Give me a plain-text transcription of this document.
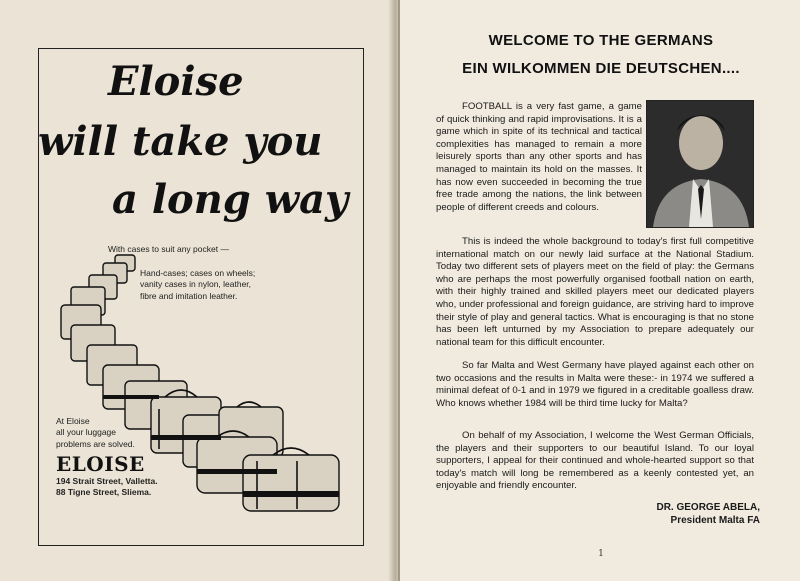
Eloise
will take you
a long way
With cases to suit any pocket —
Hand-cases; cases on wheels;
vanity cases in nylon, leather,
fibre and imitation leather.
At Eloise
all your luggage
problems are solved.
ELOISE
194 Strait Street, Valletta.
88 Tigne Street, Sliema.
WELCOME TO THE GERMANS
EIN WILKOMMEN DIE DEUTSCHEN....
FOOTBALL is a very fast game, a game of quick thinking and rapid improvisations. It is a game which in spite of its technical and tactical complexities has managed to remain a more leisurely sports than any other sports and has managed to maintain its hold on the masses. It has now even succeeded in becoming the true free trade among the nations, the link between people of different creeds and colours.
This is indeed the whole background to today's first full competitive international match on our newly laid surface at the National Stadium. Today two different sets of players meet on the field of play: the Germans who are perhaps the most powerfully organised football nation on earth, with their highly trained and skilled players meet our dedicated players who, under professional and foreign guidance, are striving hard to improve their style of play and general tactics. What is encouraging is that no stone has been left unturned by my Association to prepare adequately our national team for this difficult encounter.
So far Malta and West Germany have played against each other on two occasions and the results in Malta were these:- in 1974 we suffered a minimal defeat of 0-1 and in 1979 we figured in a creditable goalless draw. Who knows whether 1984 will be third time lucky for Malta?
On behalf of my Association, I welcome the West German Officials, the players and their supporters to our beautiful Island. To our loyal supporters, I appeal for their continued and whole-hearted support so that today's match will long be remembered as a keenly contested yet, an enjoyable and friendly encounter.
DR. GEORGE ABELA,
President Malta FA
1
